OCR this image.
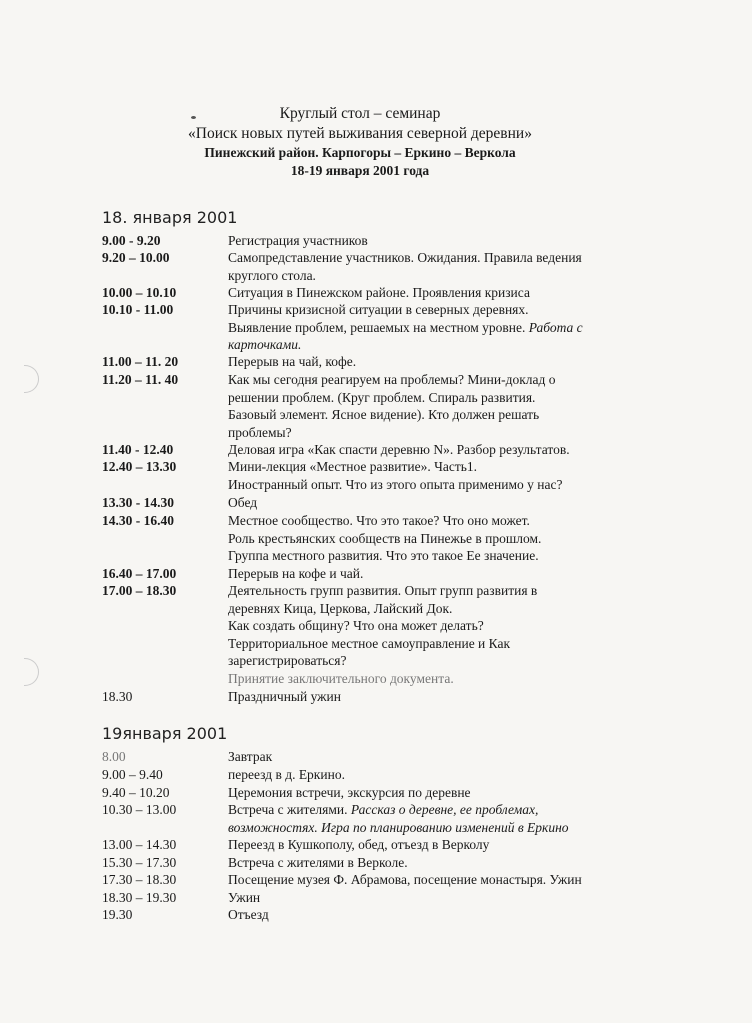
Круглый стол – семинар
«Поиск новых путей выживания северной деревни»
Пинежский район. Карпогоры – Еркино – Веркола
18-19 января 2001 года
18. января 2001
9.00 - 9.20	Регистрация участников
9.20 – 10.00	Самопредставление участников. Ожидания. Правила ведения
круглого стола.
10.00 – 10.10	Ситуация в Пинежском районе. Проявления кризиса
10.10 - 11.00	Причины кризисной ситуации в северных деревнях.
Выявление проблем, решаемых на местном уровне. Работа с
карточками.
11.00 – 11. 20	Перерыв на чай, кофе.
11.20 – 11. 40	Как мы сегодня реагируем на проблемы? Мини-доклад о
решении проблем. (Круг проблем. Спираль развития.
Базовый элемент. Ясное видение). Кто должен решать
проблемы?
11.40 - 12.40	Деловая игра «Как спасти деревню N». Разбор результатов.
12.40 – 13.30	Мини-лекция «Местное развитие». Часть1.
Иностранный опыт. Что из этого опыта применимо у нас?
13.30 - 14.30	Обед
14.30 - 16.40	Местное сообщество. Что это такое? Что оно может.
Роль крестьянских сообществ на Пинежье в прошлом.
Группа местного развития. Что это такое Ее значение.
16.40 – 17.00	Перерыв на кофе и чай.
17.00 – 18.30	Деятельность групп развития. Опыт групп развития в
деревнях Кица, Церкова, Лайский Док.
Как создать общину? Что она может делать?
Территориальное местное самоуправление и Как
зарегистрироваться?
Принятие заключительного документа.
18.30	Праздничный ужин
19января 2001
8.00	Завтрак
9.00 – 9.40	переезд в д. Еркино.
9.40 – 10.20	Церемония встречи, экскурсия по деревне
10.30 – 13.00	Встреча с жителями. Рассказ о деревне, ее проблемах,
возможностях. Игра по планированию изменений в Еркино
13.00 – 14.30	Переезд в Кушкополу, обед, отъезд в Верколу
15.30 – 17.30	Встреча с жителями в Верколе.
17.30 – 18.30	Посещение музея Ф. Абрамова, посещение монастыря. Ужин
18.30 – 19.30	Ужин
19.30	Отъезд
